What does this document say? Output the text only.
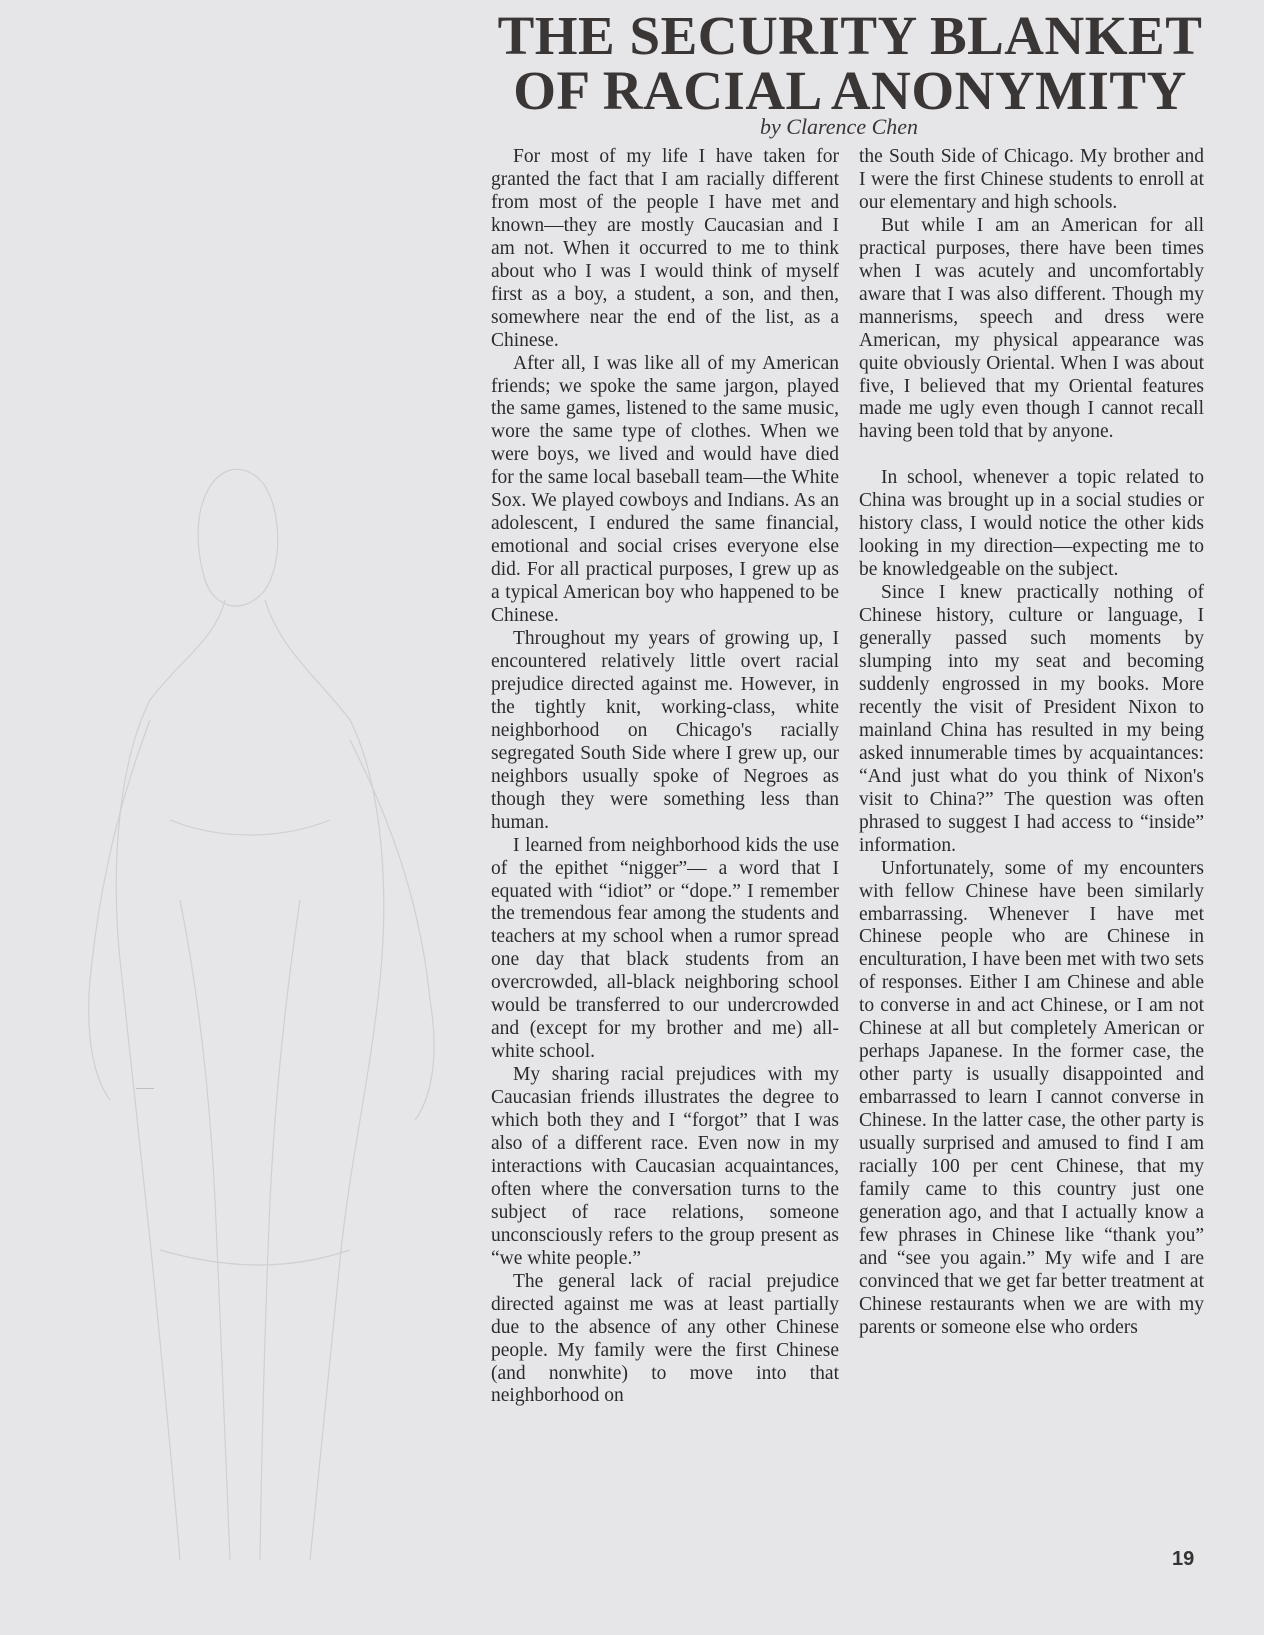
THE SECURITY BLANKET
OF RACIAL ANONYMITY
by Clarence Chen

For most of my life I have taken for granted the fact that I am racially different from most of the people I have met and known—they are mostly Caucasian and I am not. When it occurred to me to think about who I was I would think of myself first as a boy, a student, a son, and then, somewhere near the end of the list, as a Chinese.

After all, I was like all of my American friends; we spoke the same jargon, played the same games, listened to the same music, wore the same type of clothes. When we were boys, we lived and would have died for the same local baseball team—the White Sox. We played cowboys and Indians. As an adolescent, I endured the same financial, emotional and social crises everyone else did. For all practical purposes, I grew up as a typical American boy who happened to be Chinese.

Throughout my years of growing up, I encountered relatively little overt racial prejudice directed against me. However, in the tightly knit, working-class, white neighborhood on Chicago's racially segregated South Side where I grew up, our neighbors usually spoke of Negroes as though they were something less than human.

I learned from neighborhood kids the use of the epithet “nigger”— a word that I equated with “idiot” or “dope.” I remember the tremendous fear among the students and teachers at my school when a rumor spread one day that black students from an overcrowded, all-black neighboring school would be transferred to our undercrowded and (except for my brother and me) all-white school.

My sharing racial prejudices with my Caucasian friends illustrates the degree to which both they and I “forgot” that I was also of a different race. Even now in my interactions with Caucasian acquaintances, often where the conversation turns to the subject of race relations, someone unconsciously refers to the group present as “we white people.”

The general lack of racial prejudice directed against me was at least partially due to the absence of any other Chinese people. My family were the first Chinese (and nonwhite) to move into that neighborhood on

the South Side of Chicago. My brother and I were the first Chinese students to enroll at our elementary and high schools.

But while I am an American for all practical purposes, there have been times when I was acutely and uncomfortably aware that I was also different. Though my mannerisms, speech and dress were American, my physical appearance was quite obviously Oriental. When I was about five, I believed that my Oriental features made me ugly even though I cannot recall having been told that by anyone.

In school, whenever a topic related to China was brought up in a social studies or history class, I would notice the other kids looking in my direction—expecting me to be knowledgeable on the subject.

Since I knew practically nothing of Chinese history, culture or language, I generally passed such moments by slumping into my seat and becoming suddenly engrossed in my books. More recently the visit of President Nixon to mainland China has resulted in my being asked innumerable times by acquaintances: “And just what do you think of Nixon's visit to China?” The question was often phrased to suggest I had access to “inside” information.

Unfortunately, some of my encounters with fellow Chinese have been similarly embarrassing. Whenever I have met Chinese people who are Chinese in enculturation, I have been met with two sets of responses. Either I am Chinese and able to converse in and act Chinese, or I am not Chinese at all but completely American or perhaps Japanese. In the former case, the other party is usually disappointed and embarrassed to learn I cannot converse in Chinese. In the latter case, the other party is usually surprised and amused to find I am racially 100 per cent Chinese, that my family came to this country just one generation ago, and that I actually know a few phrases in Chinese like “thank you” and “see you again.” My wife and I are convinced that we get far better treatment at Chinese restaurants when we are with my parents or someone else who orders

19
